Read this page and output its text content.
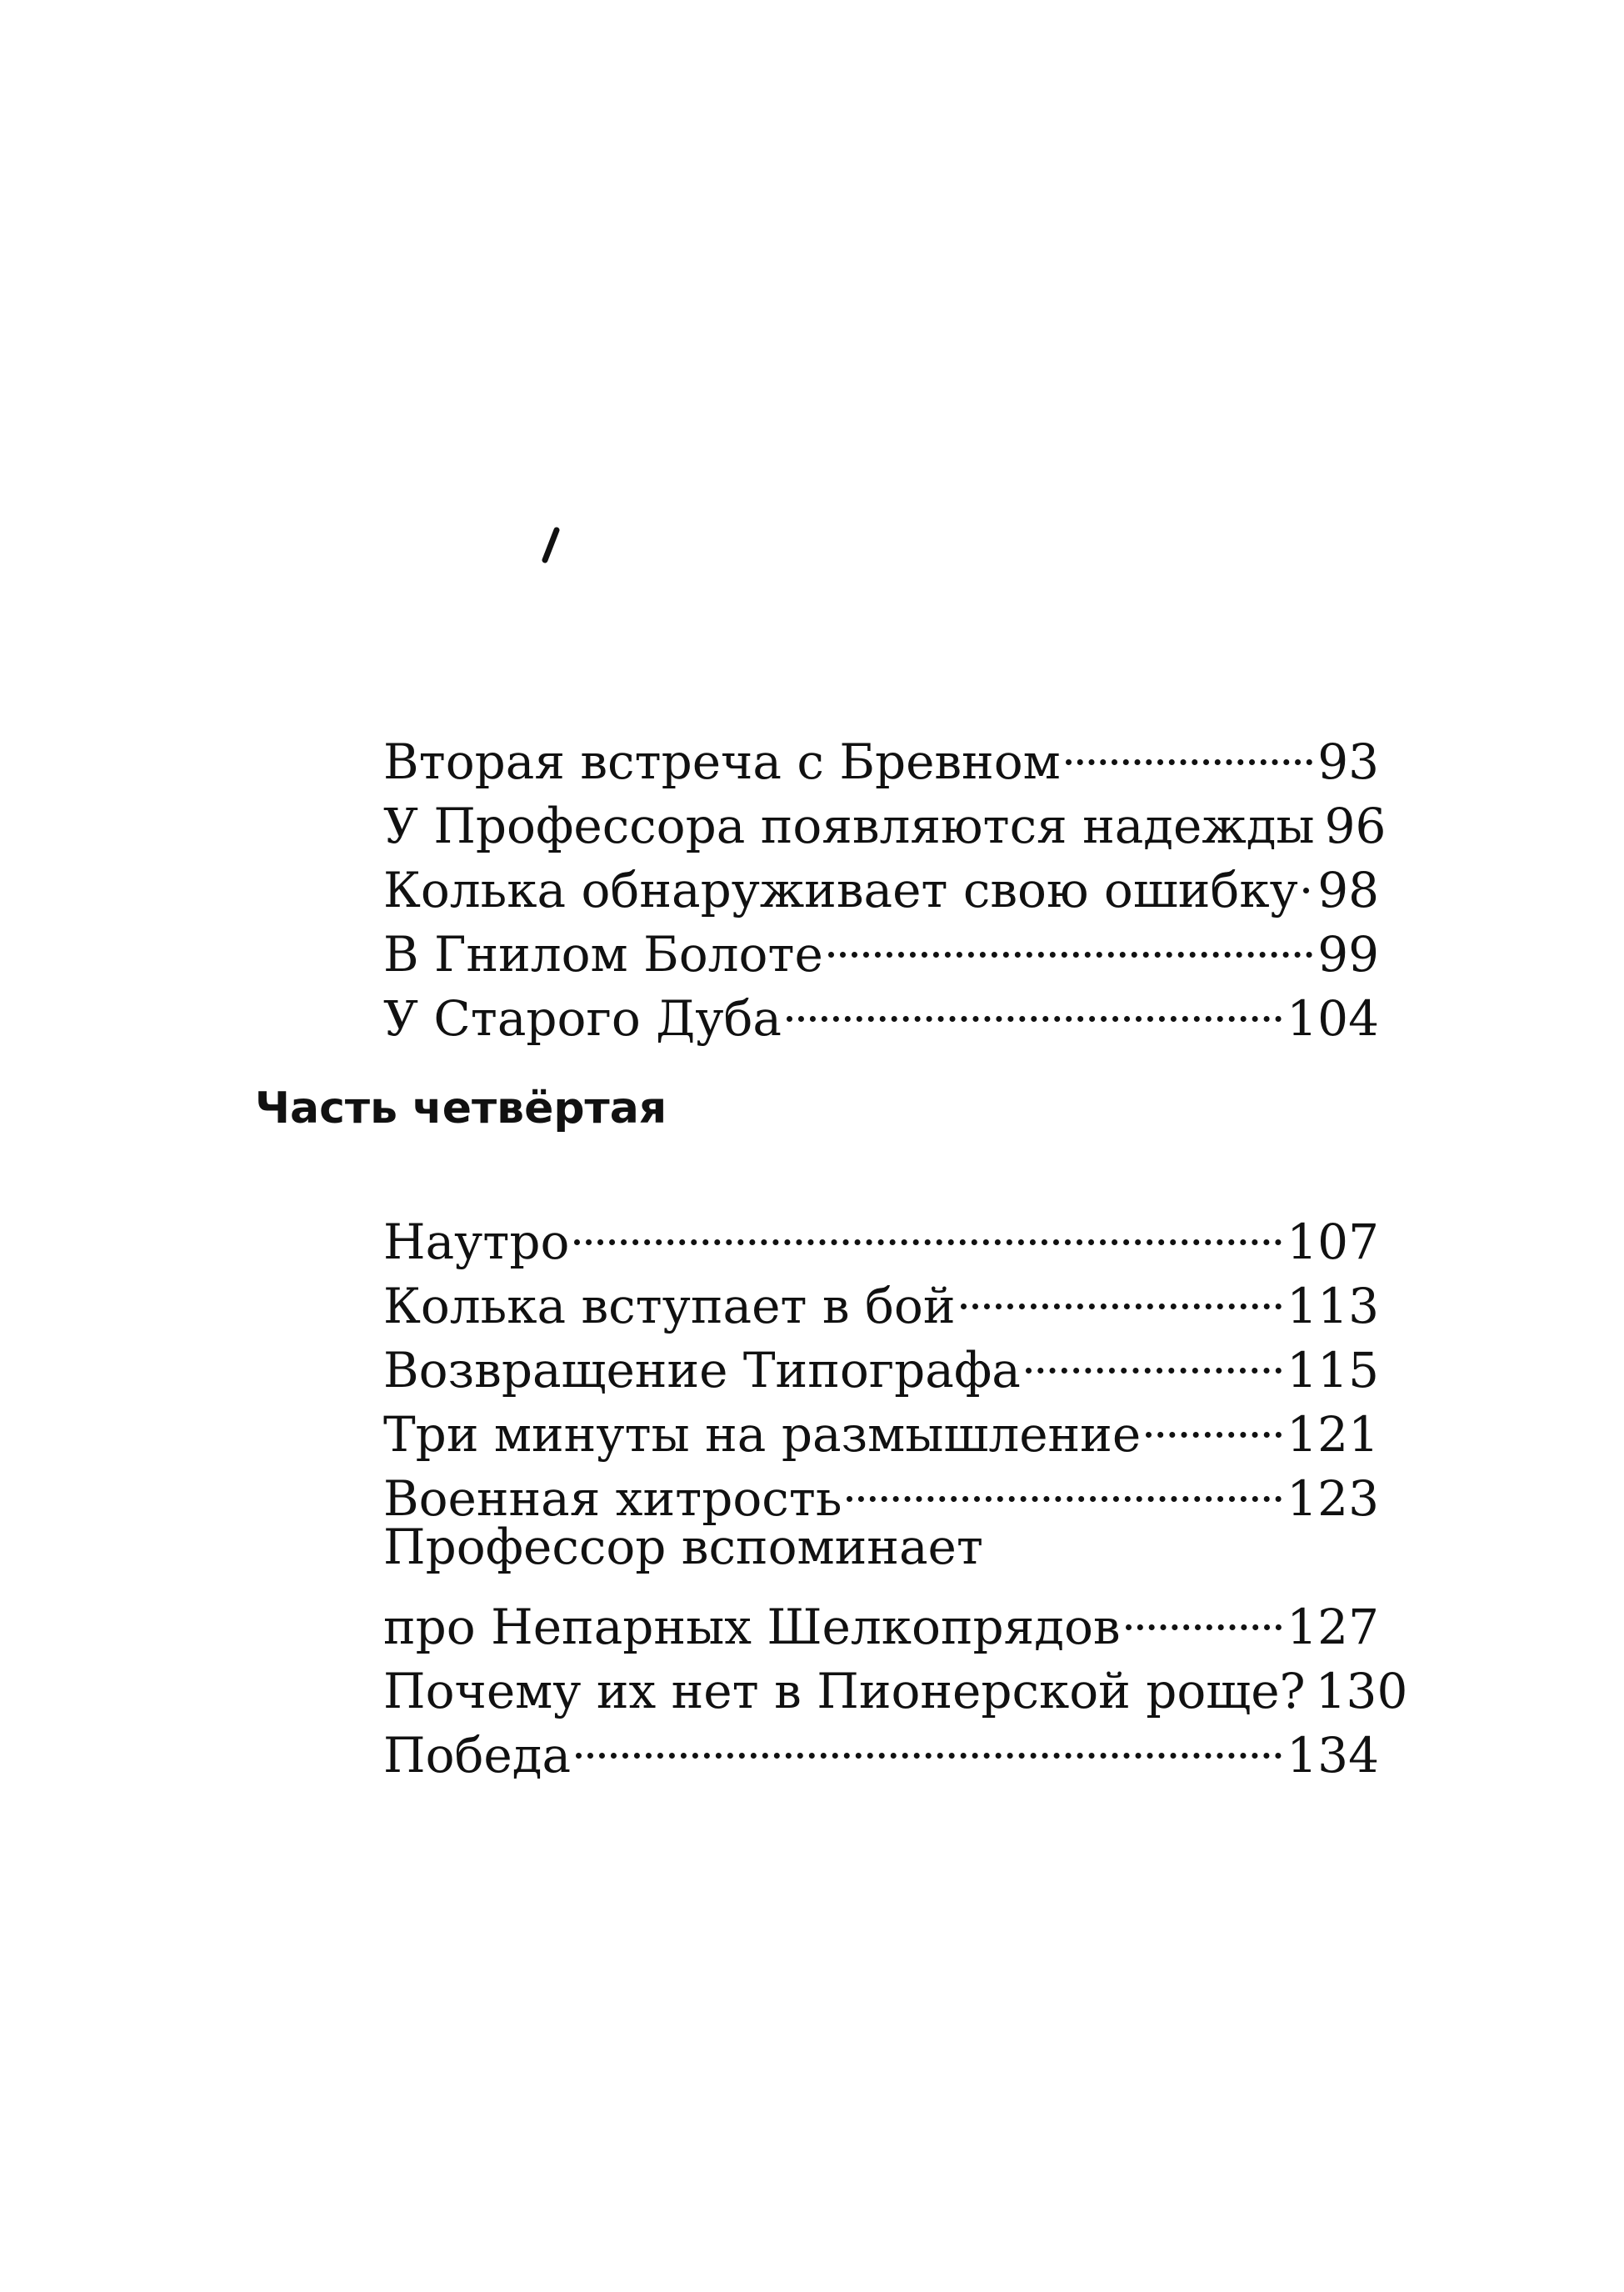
Вторая встреча с Бревном	93
У Профессора появляются надежды 96
Колька обнаруживает свою ошибку 98
В Гнилом Болоте	99
У Старого Дуба	104
Часть четвёртая
Наутро	107
Колька вступает в бой	113
Возвращение Типографа	115
Три минуты на размышление	121
Военная хитрость	123
Профессор вспоминает
про Непарных Шелкопрядов	127
Почему их нет в Пионерской роще? 130
Победа	134
